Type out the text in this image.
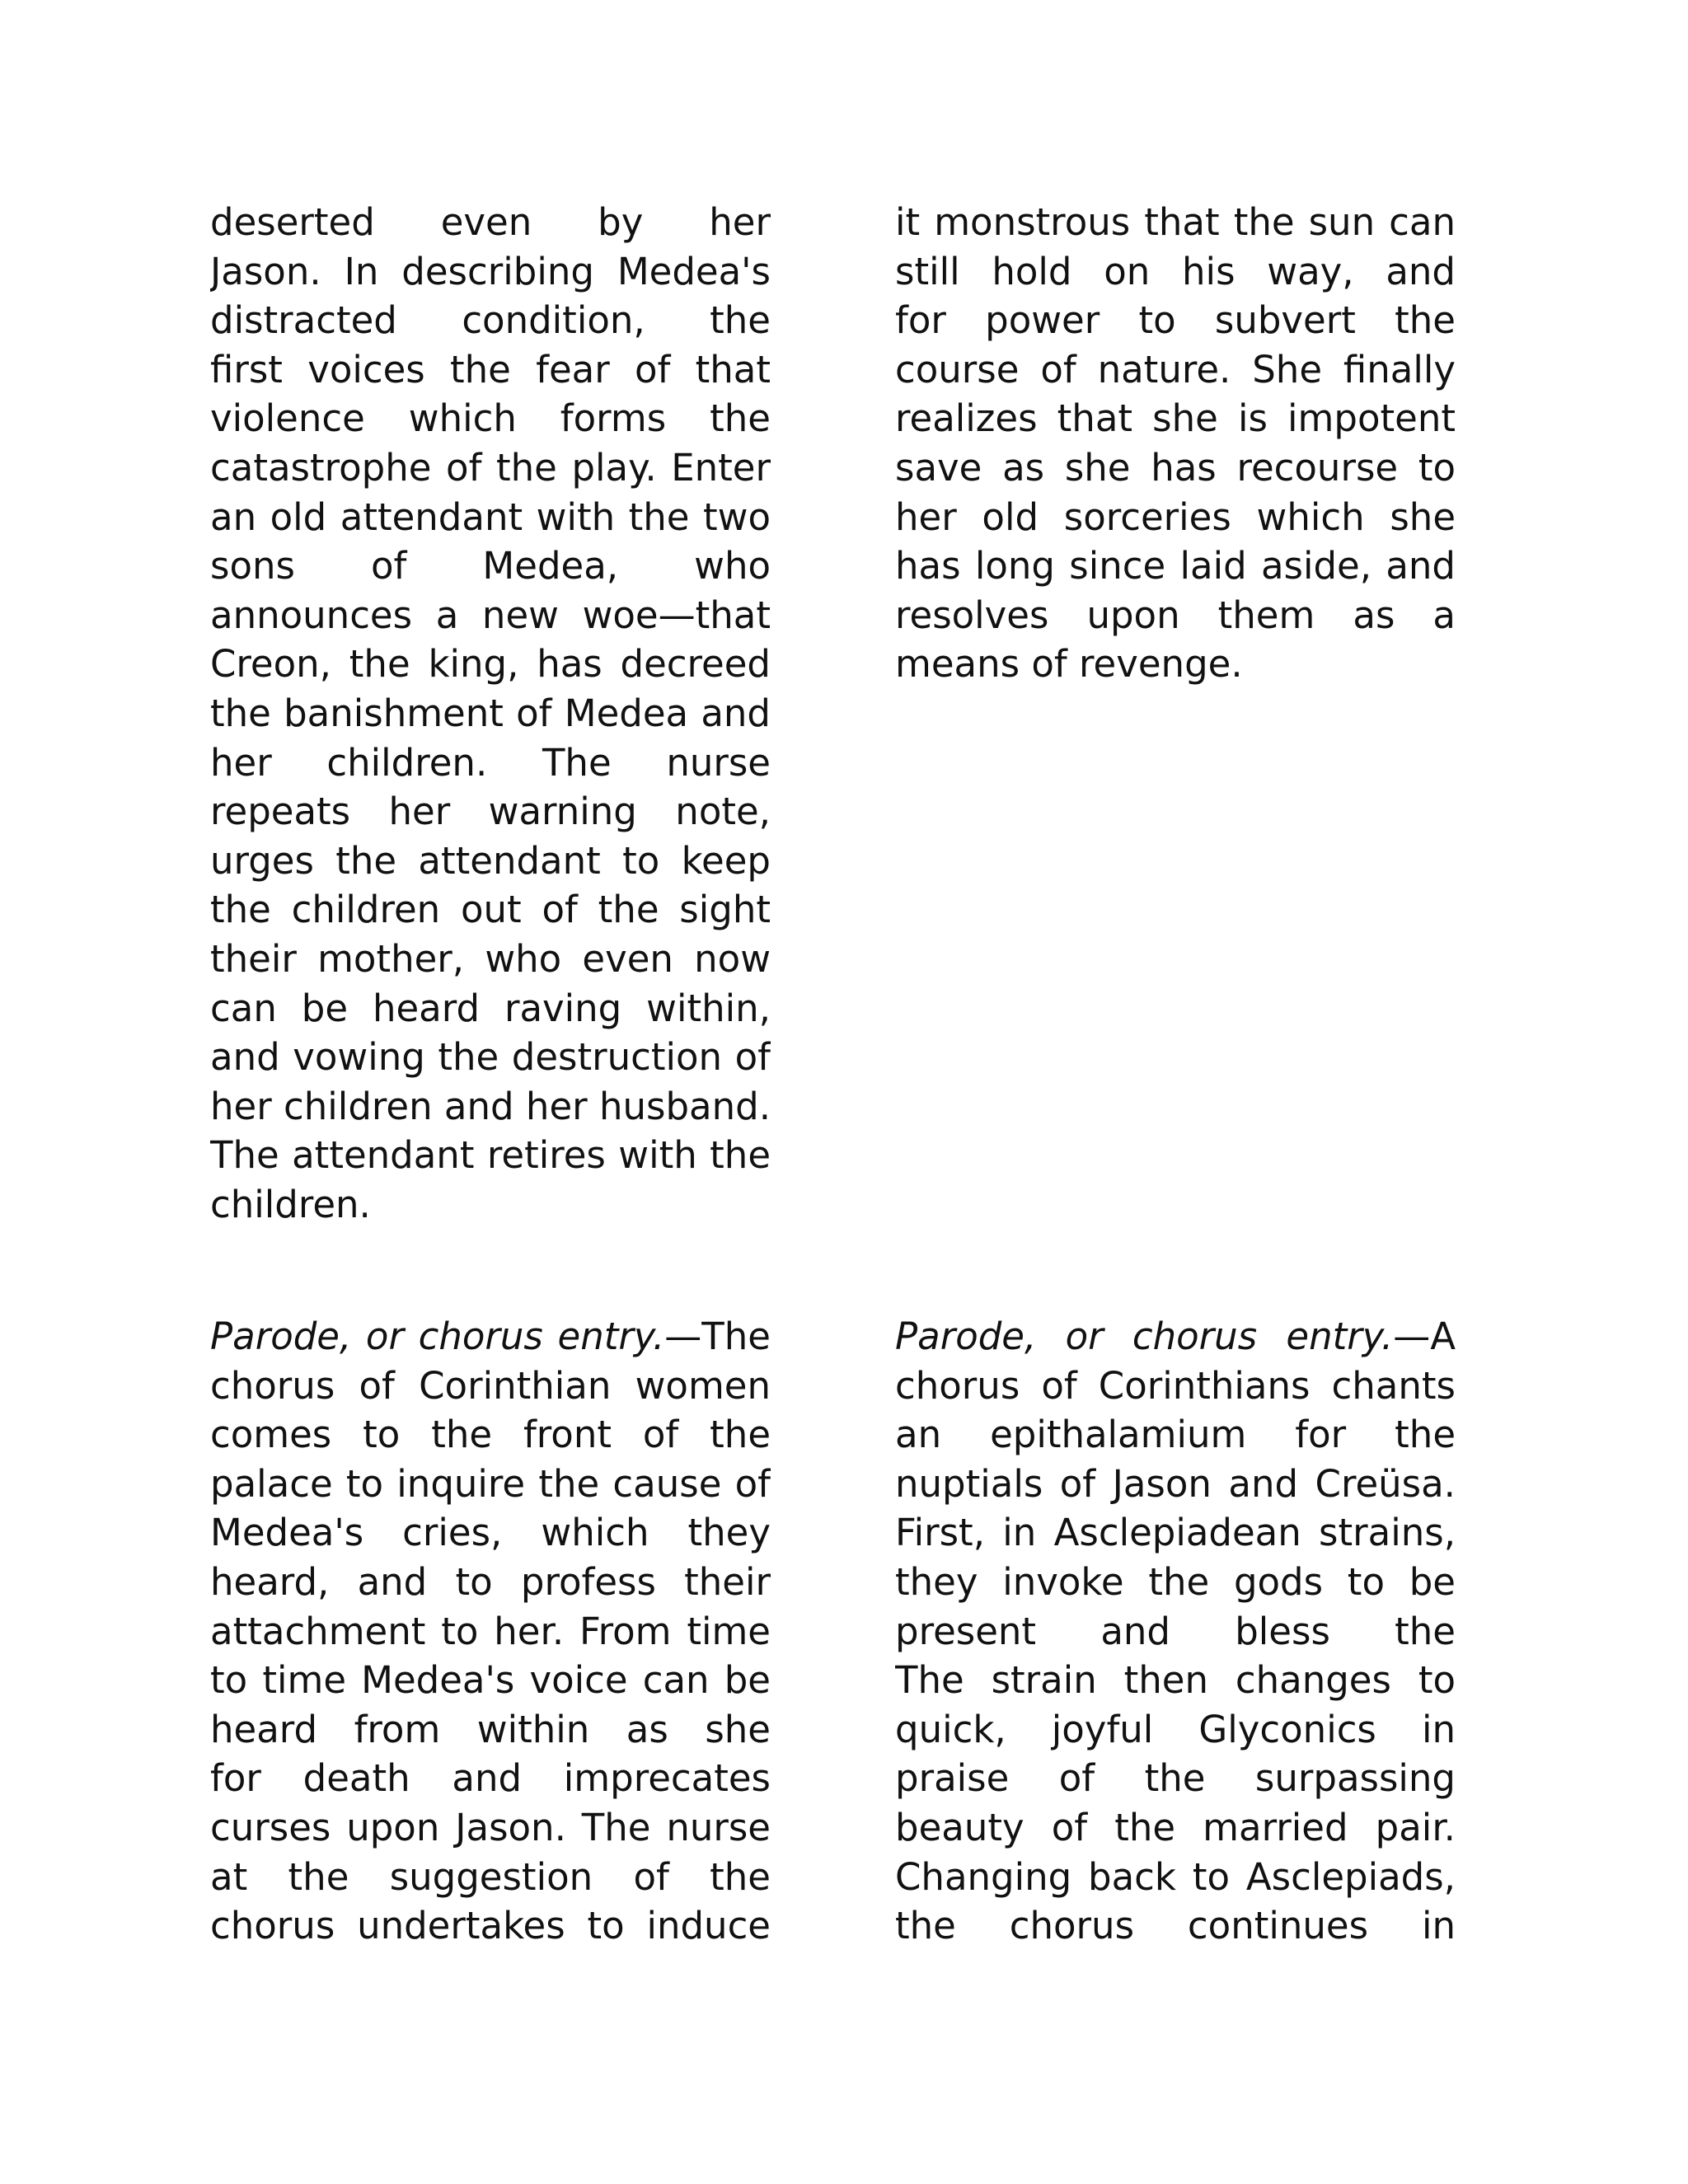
deserted even by her
Jason. In describing Medea's
distracted condition, the
first voices the fear of that
violence which forms the
catastrophe of the play. Enter
an old attendant with the two
sons of Medea, who
announces a new woe—that
Creon, the king, has decreed
the banishment of Medea and
her children. The nurse
repeats her warning note,
urges the attendant to keep
the children out of the sight
their mother, who even now
can be heard raving within,
and vowing the destruction of
her children and her husband.
The attendant retires with the
children.
it monstrous that the sun can
still hold on his way, and
for power to subvert the
course of nature. She finally
realizes that she is impotent
save as she has recourse to
her old sorceries which she
has long since laid aside, and
resolves upon them as a
means of revenge.
Parode, or chorus entry.—The
chorus of Corinthian women
comes to the front of the
palace to inquire the cause of
Medea's cries, which they
heard, and to profess their
attachment to her. From time
to time Medea's voice can be
heard from within as she
for death and imprecates
curses upon Jason. The nurse
at the suggestion of the
chorus undertakes to induce
Parode, or chorus entry.—A
chorus of Corinthians chants
an epithalamium for the
nuptials of Jason and Creüsa.
First, in Asclepiadean strains,
they invoke the gods to be
present and bless the
The strain then changes to
quick, joyful Glyconics in
praise of the surpassing
beauty of the married pair.
Changing back to Asclepiads,
the chorus continues in
